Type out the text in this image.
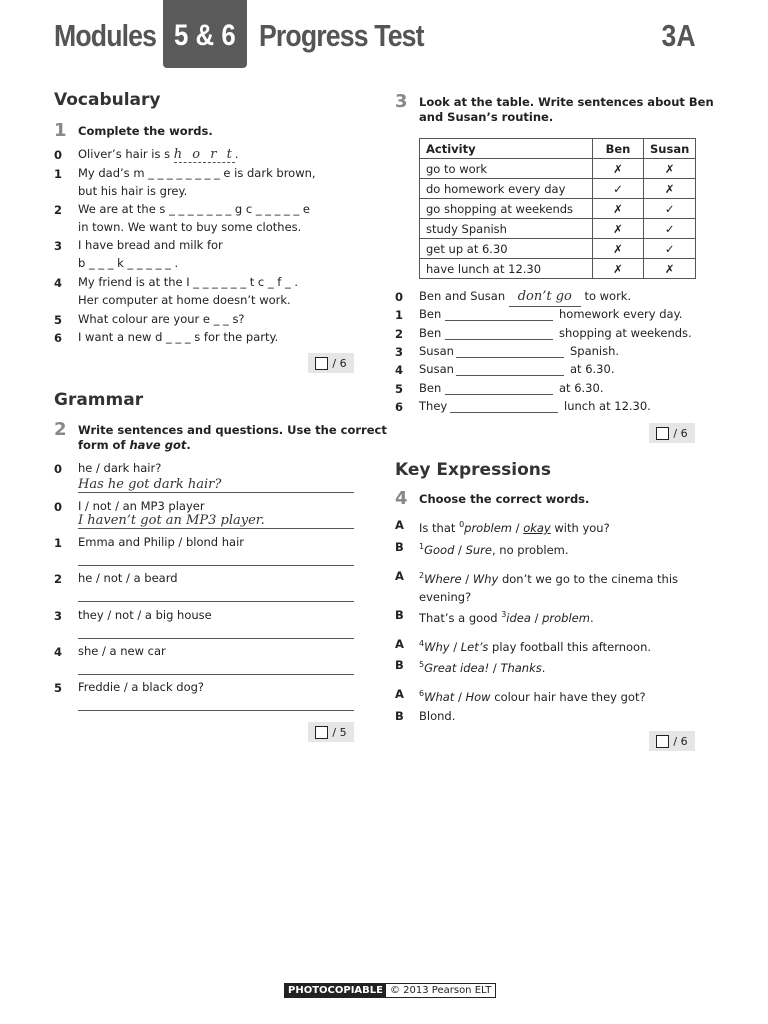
Modules 5 & 6 Progress Test	3A
Vocabulary
1 Complete the words.
0 Oliver’s hair is s h o r t.
1 My dad’s m _ _ _ _ _ _ _ _ e is dark brown,
but his hair is grey.
2 We are at the s _ _ _ _ _ _ _ g c _ _ _ _ _ e
in town. We want to buy some clothes.
3 I have bread and milk for
b _ _ _ k _ _ _ _ _ .
4 My friend is at the I _ _ _ _ _ _ t c _ f _ .
Her computer at home doesn’t work.
5 What colour are your e _ _ s?
6 I want a new d _ _ _ s for the party.
/ 6
Grammar
2 Write sentences and questions. Use the correct
form of have got.
0 he / dark hair?
Has he got dark hair?
0 I / not / an MP3 player
I haven’t got an MP3 player.
1 Emma and Philip / blond hair
2 he / not / a beard
3 they / not / a big house
4 she / a new car
5 Freddie / a black dog?
/ 5
3 Look at the table. Write sentences about Ben
and Susan’s routine.
Activity	Ben	Susan
go to work	✗	✗
do homework every day	✓	✗
go shopping at weekends	✗	✓
study Spanish	✗	✓
get up at 6.30	✗	✓
have lunch at 12.30	✗	✗
0 Ben and Susan don’t go to work.
1 Ben	homework every day.
2 Ben	shopping at weekends.
3 Susan	Spanish.
4 Susan	at 6.30.
5 Ben	at 6.30.
6 They	lunch at 12.30.
/ 6
Key Expressions
4 Choose the correct words.
A Is that $^0$problem / okay with you?
B $^1$Good / Sure, no problem.
A $^2$Where / Why don’t we go to the cinema this
evening?
B That’s a good $^3$idea / problem.
A $^4$Why / Let’s play football this afternoon.
B $^5$Great idea! / Thanks.
A $^6$What / How colour hair have they got?
B Blond.
/ 6
PHOTOCOPIABLE © 2013 Pearson ELT
